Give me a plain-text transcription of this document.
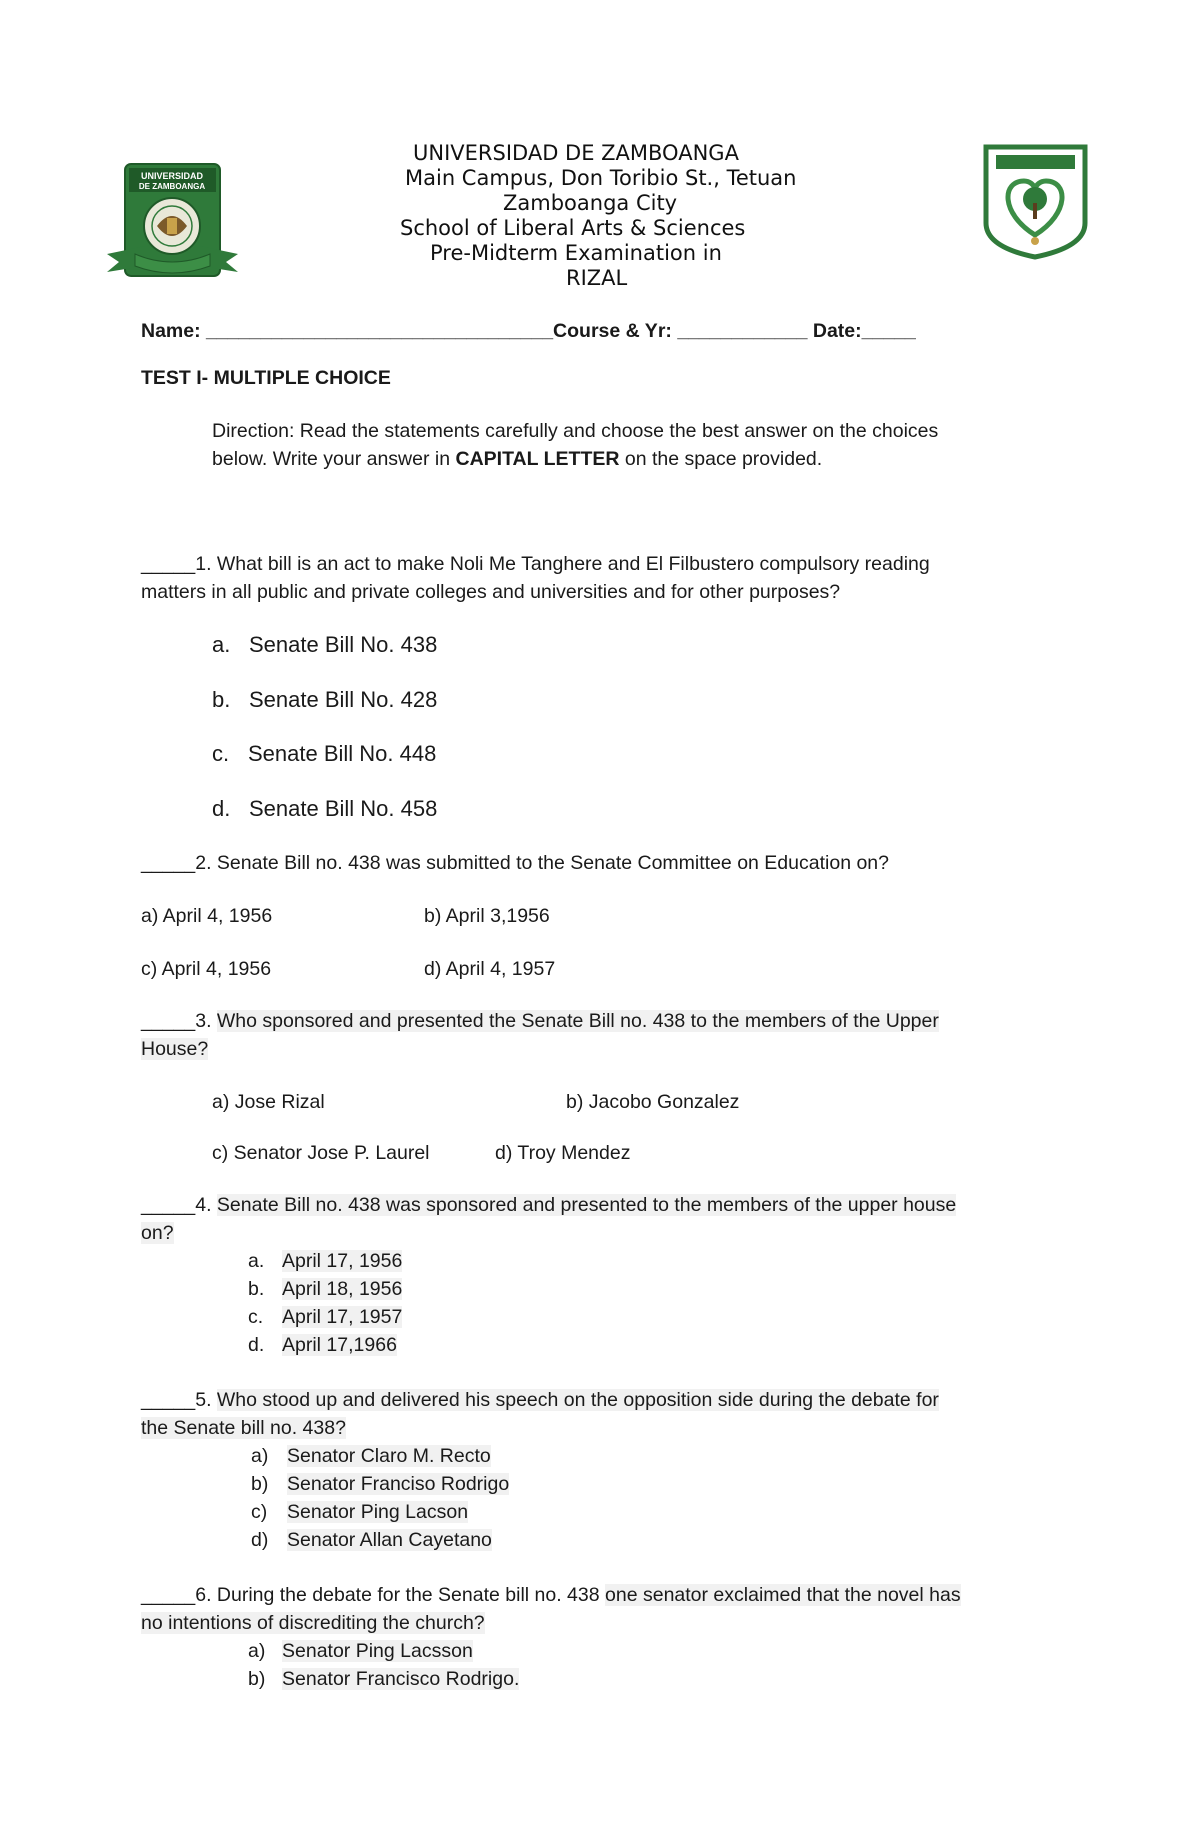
UNIVERSIDAD
DE ZAMBOANGA
UNIVERSIDAD DE ZAMBOANGA
Main Campus, Don Toribio St., Tetuan
Zamboanga City
School of Liberal Arts & Sciences
Pre-Midterm Examination in
RIZAL
Name: ________________________________Course & Yr: ____________ Date:_____
TEST I- MULTIPLE CHOICE
Direction: Read the statements carefully and choose the best answer on the choices
below. Write your answer in CAPITAL LETTER on the space provided.
_____1. What bill is an act to make Noli Me Tanghere and El Filbustero compulsory reading
matters in all public and private colleges and universities and for other purposes?
a. Senate Bill No. 438
b. Senate Bill No. 428
c. Senate Bill No. 448
d. Senate Bill No. 458
_____2. Senate Bill no. 438 was submitted to the Senate Committee on Education on?
a) April 4, 1956	b) April 3,1956
c) April 4, 1956	d) April 4, 1957
_____3. Who sponsored and presented the Senate Bill no. 438 to the members of the Upper
House?
a) Jose Rizal	b) Jacobo Gonzalez
c) Senator Jose P. Laurel	d) Troy Mendez
_____4. Senate Bill no. 438 was sponsored and presented to the members of the upper house
on?
a. April 17, 1956
b. April 18, 1956
c. April 17, 1957
d. April 17,1966
_____5. Who stood up and delivered his speech on the opposition side during the debate for
the Senate bill no. 438?
a) Senator Claro M. Recto
b) Senator Franciso Rodrigo
c) Senator Ping Lacson
d) Senator Allan Cayetano
_____6. During the debate for the Senate bill no. 438 one senator exclaimed that the novel has
no intentions of discrediting the church?
a) Senator Ping Lacsson
b) Senator Francisco Rodrigo.
